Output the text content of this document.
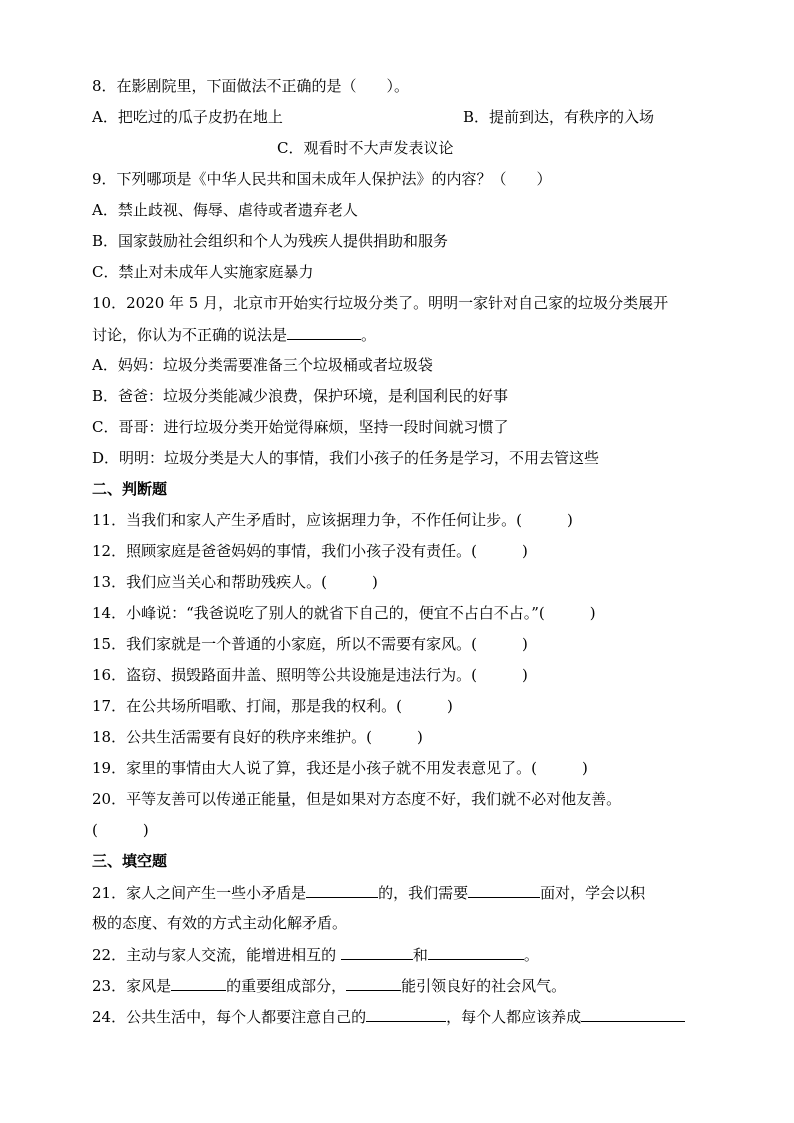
8．在影剧院里，下面做法不正确的是（　　）。
A．把吃过的瓜子皮扔在地上	B．提前到达，有秩序的入场
C．观看时不大声发表议论
9．下列哪项是《中华人民共和国未成年人保护法》的内容？（　　）
A．禁止歧视、侮辱、虐待或者遗弃老人
B．国家鼓励社会组织和个人为残疾人提供捐助和服务
C．禁止对未成年人实施家庭暴力
10．2020 年 5 月，北京市开始实行垃圾分类了。明明一家针对自己家的垃圾分类展开
讨论，你认为不正确的说法是	。
A．妈妈：垃圾分类需要准备三个垃圾桶或者垃圾袋
B．爸爸：垃圾分类能减少浪费，保护环境，是利国利民的好事
C．哥哥：进行垃圾分类开始觉得麻烦，坚持一段时间就习惯了
D．明明：垃圾分类是大人的事情，我们小孩子的任务是学习，不用去管这些
二、判断题
11．当我们和家人产生矛盾时，应该据理力争，不作任何让步。(　　　)
12．照顾家庭是爸爸妈妈的事情，我们小孩子没有责任。(　　　)
13．我们应当关心和帮助残疾人。(　　　)
14．小峰说：“我爸说吃了别人的就省下自己的，便宜不占白不占。”(　　　)
15．我们家就是一个普通的小家庭，所以不需要有家风。(　　　)
16．盗窃、损毁路面井盖、照明等公共设施是违法行为。(　　　)
17．在公共场所唱歌、打闹，那是我的权利。(　　　)
18．公共生活需要有良好的秩序来维护。(　　　)
19．家里的事情由大人说了算，我还是小孩子就不用发表意见了。(　　　)
20．平等友善可以传递正能量，但是如果对方态度不好，我们就不必对他友善。
(　　　)
三、填空题
21．家人之间产生一些小矛盾是	的，我们需要	面对，学会以积
极的态度、有效的方式主动化解矛盾。
22．主动与家人交流，能增进相互的	和	。
23．家风是	的重要组成部分，	能引领良好的社会风气。
24．公共生活中，每个人都要注意自己的	，每个人都应该养成
